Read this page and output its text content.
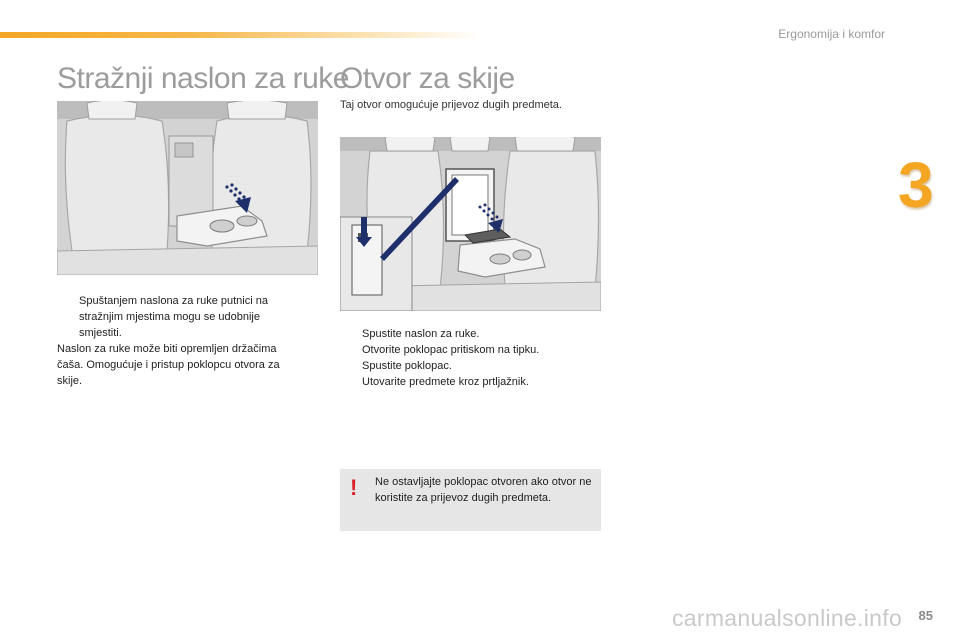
Ergonomija i komfor
3
Stražnji naslon za ruke
Otvor za skije
Taj otvor omogućuje prijevoz dugih predmeta.
Spuštanjem naslona za ruke putnici na stražnjim mjestima mogu se udobnije smjestiti.
Naslon za ruke može biti opremljen držačima čaša. Omogućuje i pristup poklopcu otvora za skije.
Spustite naslon za ruke.
Otvorite poklopac pritiskom na tipku.
Spustite poklopac.
Utovarite predmete kroz prtljažnik.
! Ne ostavljajte poklopac otvoren ako otvor ne koristite za prijevoz dugih predmeta.
85
carmanualsonline.info
